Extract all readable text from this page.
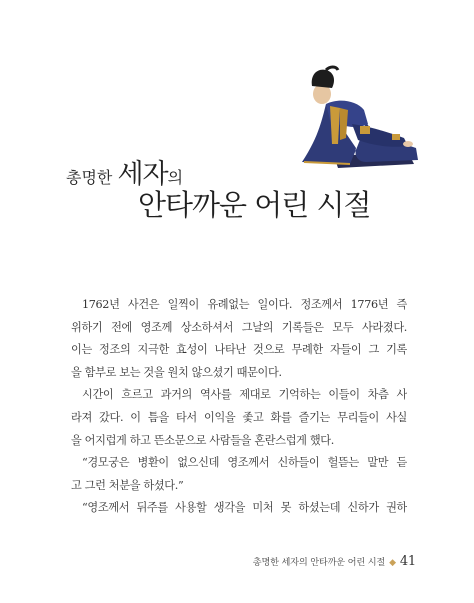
총명한 세자의
안타까운 어린 시절
1762년 사건은 일찍이 유례없는 일이다. 정조께서 1776년 즉
위하기 전에 영조께 상소하셔서 그날의 기록들은 모두 사라졌다.
이는 정조의 지극한 효성이 나타난 것으로 무례한 자들이 그 기록
을 함부로 보는 것을 원치 않으셨기 때문이다.
시간이 흐르고 과거의 역사를 제대로 기억하는 이들이 차츰 사
라져 갔다. 이 틈을 타서 이익을 좇고 화를 즐기는 무리들이 사실
을 어지럽게 하고 뜬소문으로 사람들을 혼란스럽게 했다.
“경모궁은 병환이 없으신데 영조께서 신하들이 헐뜯는 말만 듣
고 그런 처분을 하셨다.”
“영조께서 뒤주를 사용할 생각을 미처 못 하셨는데 신하가 권하
총명한 세자의 안타까운 어린 시절 ◆ 41
